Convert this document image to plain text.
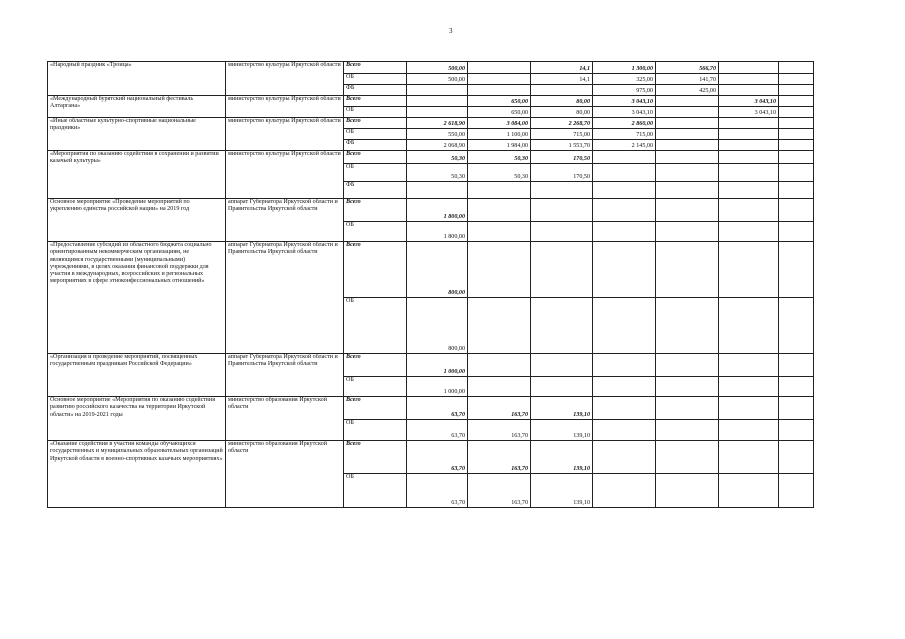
3
«Народный праздник «Троица»	министерство культуры Иркутской области	Всего	500,00		14,1	1 300,00	566,70		
		ОБ	500,00		14,1	325,00	141,70		
		ФБ				975,00	425,00		
«Международный бурятский национальный фестиваль Алтаргана»	министерство культуры Иркутской области	Всего		650,00	80,00	3 043,10		3 043,10	
		ОБ		650,00	80,00	3 043,10		3 043,10	
«Иные областные культурно-спортивные национальные праздники»	министерство культуры Иркутской области	Всего	2 618,90	3 084,00	2 268,70	2 860,00			
		ОБ	550,00	1 100,00	715,00	715,00			
		ФБ	2 068,90	1 984,00	1 553,70	2 145,00			
«Мероприятия по оказанию содействия в сохранении и развитии казачьей культуры»	министерство культуры Иркутской области	Всего	50,30	50,30	170,50				
		ОБ	50,30	50,30	170,50				
		ФБ							
Основное мероприятие «Проведение мероприятий по укреплению единства российской нации» на 2019 год	аппарат Губернатора Иркутской области и Правительства Иркутской области	Всего	1 800,00						
		ОБ	1 800,00						
«Предоставление субсидий из областного бюджета социально ориентированным некоммерческим организациям, не являющимся государственными (муниципальными) учреждениями, в целях оказания финансовой поддержки для участия в международных, всероссийских и региональных мероприятиях в сфере этноконфессиональных отношений»	аппарат Губернатора Иркутской области и Правительства Иркутской области	Всего	800,00						
		ОБ	800,00						
«Организация и проведение мероприятий, посвященных государственным праздникам Российской Федерации»	аппарат Губернатора Иркутской области и Правительства Иркутской области	Всего	1 000,00						
		ОБ	1 000,00						
Основное мероприятие «Мероприятия по оказанию содействия развитию российского казачества на территории Иркутской области» на 2019-2021 годы	министерство образования Иркутской области	Всего	63,70	163,70	139,10				
		ОБ	63,70	163,70	139,10				
«Оказание содействия в участии команды обучающихся государственных и муниципальных образовательных организаций Иркутской области в военно-спортивных казачьих мероприятиях»	министерство образования Иркутской области	Всего	63,70	163,70	139,10				
		ОБ	63,70	163,70	139,10				
